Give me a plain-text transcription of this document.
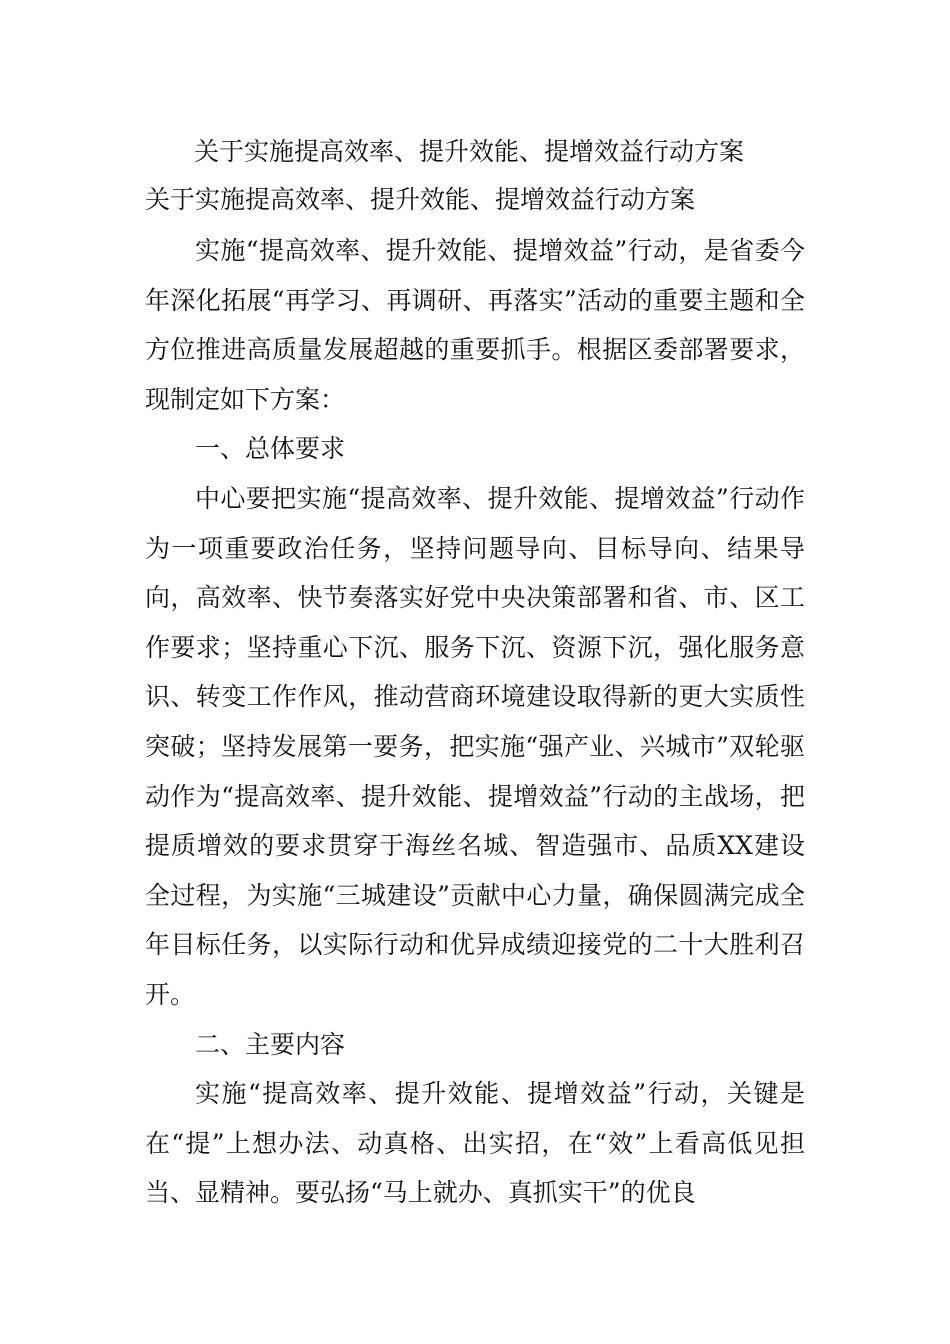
关于实施提高效率、提升效能、提增效益行动方案

关于实施提高效率、提升效能、提增效益行动方案

实施“提高效率、提升效能、提增效益”行动，是省委今年深化拓展“再学习、再调研、再落实”活动的重要主题和全方位推进高质量发展超越的重要抓手。根据区委部署要求，现制定如下方案：

一、总体要求

中心要把实施“提高效率、提升效能、提增效益”行动作为一项重要政治任务，坚持问题导向、目标导向、结果导向，高效率、快节奏落实好党中央决策部署和省、市、区工作要求；坚持重心下沉、服务下沉、资源下沉，强化服务意识、转变工作作风，推动营商环境建设取得新的更大实质性突破；坚持发展第一要务，把实施“强产业、兴城市”双轮驱动作为“提高效率、提升效能、提增效益”行动的主战场，把提质增效的要求贯穿于海丝名城、智造强市、品质XX建设全过程，为实施“三城建设”贡献中心力量，确保圆满完成全年目标任务，以实际行动和优异成绩迎接党的二十大胜利召开。

二、主要内容

实施“提高效率、提升效能、提增效益”行动，关键是在“提”上想办法、动真格、出实招，在“效”上看高低见担当、显精神。要弘扬“马上就办、真抓实干”的优良
